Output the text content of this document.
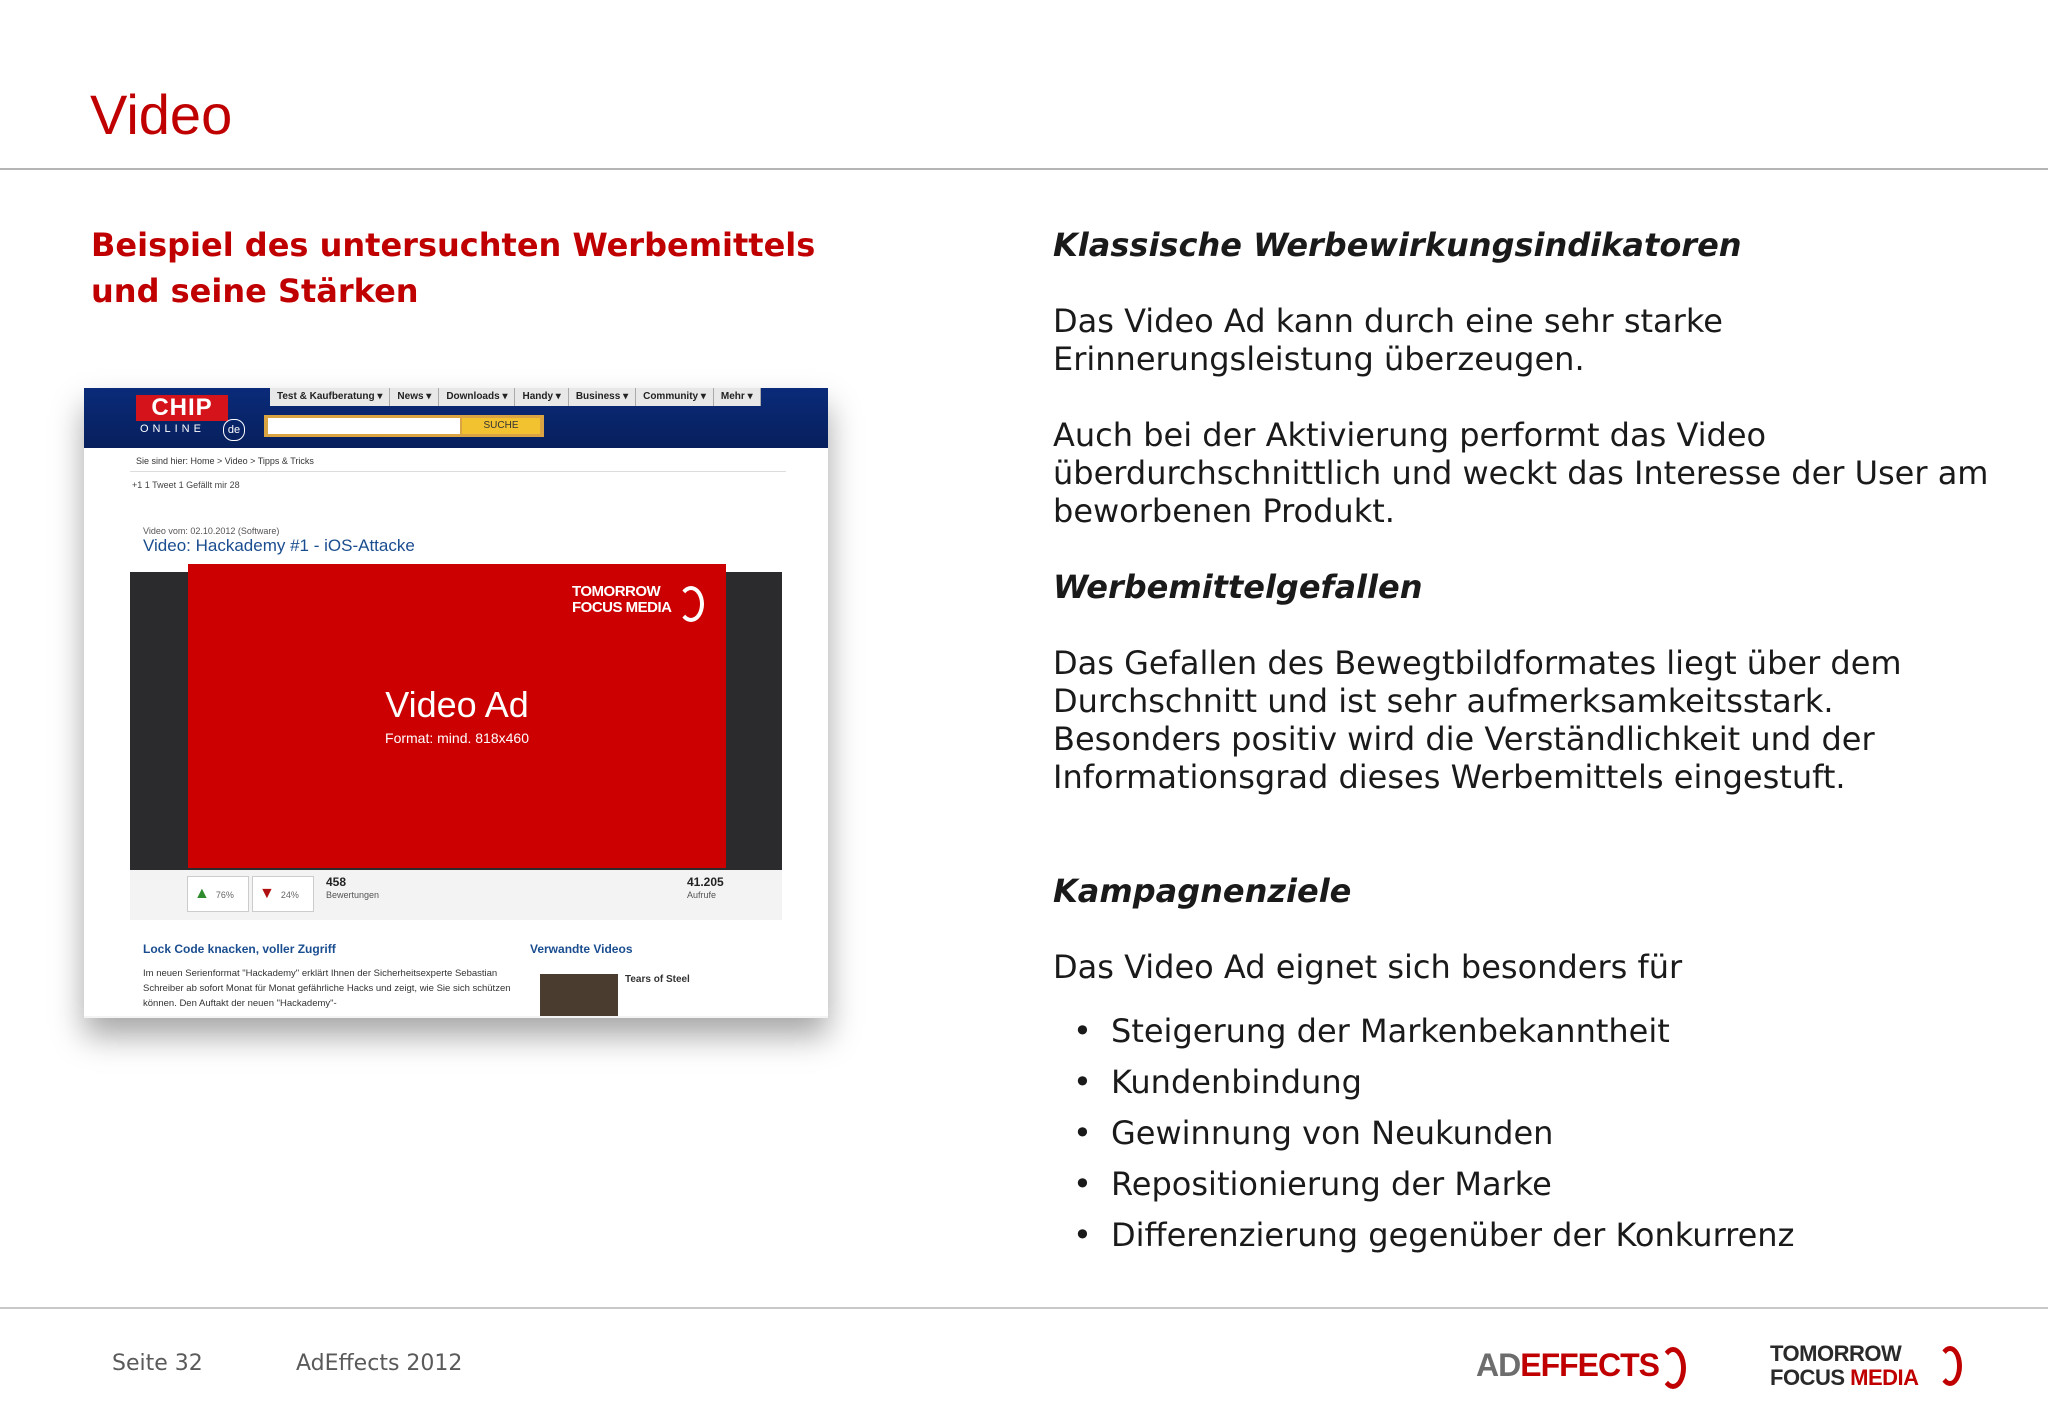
Video
Beispiel des untersuchten Werbemittels und seine Stärken
CHIP
ONLINE	de
Test & Kaufberatung ▾	News ▾	Downloads ▾	Handy ▾	Business ▾	Community ▾	Mehr ▾
SUCHE
Sie sind hier: Home > Video > Tipps & Tricks
+1 1 Tweet 1 Gefällt mir 28
Video vom: 02.10.2012 (Software)
Video: Hackademy #1 - iOS-Attacke
TOMORROW
FOCUS MEDIA
Video Ad
Format: mind. 818x460
▲ 76%	▼ 24%
458
Bewertungen
41.205
Aufrufe
Lock Code knacken, voller Zugriff
Im neuen Serienformat "Hackademy" erklärt Ihnen der Sicherheitsexperte Sebastian Schreiber ab sofort Monat für Monat gefährliche Hacks und zeigt, wie Sie sich schützen können. Den Auftakt der neuen "Hackademy"-
Verwandte Videos
Tears of Steel

Klassische Werbewirkungsindikatoren

Das Video Ad kann durch eine sehr starke Erinnerungsleistung überzeugen.

Auch bei der Aktivierung performt das Video überdurchschnittlich und weckt das Interesse der User am beworbenen Produkt.

Werbemittelgefallen

Das Gefallen des Bewegtbildformates liegt über dem Durchschnitt und ist sehr aufmerksamkeitsstark. Besonders positiv wird die Verständlichkeit und der Informationsgrad dieses Werbemittels eingestuft.

Kampagnenziele

Das Video Ad eignet sich besonders für

• Steigerung der Markenbekanntheit
• Kundenbindung
• Gewinnung von Neukunden
• Repositionierung der Marke
• Differenzierung gegenüber der Konkurrenz
Seite 32	AdEffects 2012	ADEFFECTS	TOMORROW
FOCUS MEDIA
